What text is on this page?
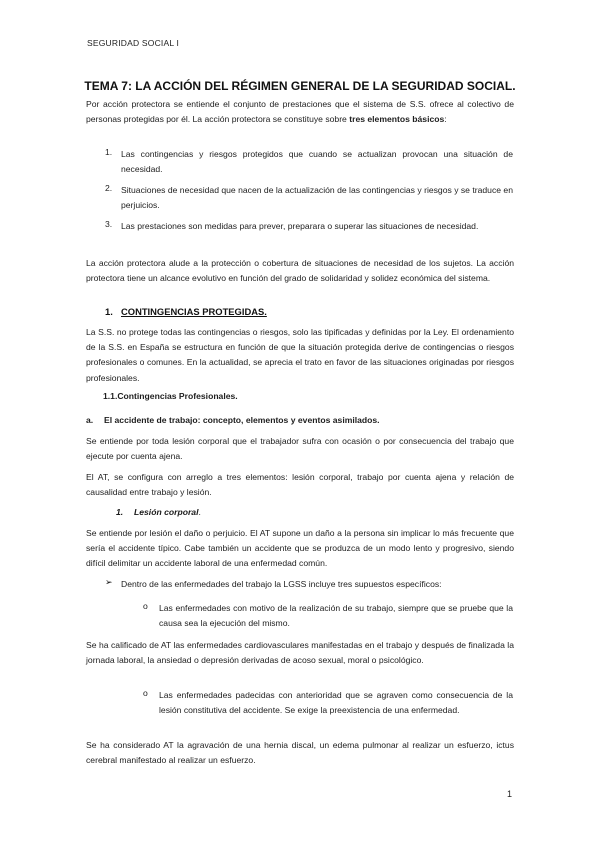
SEGURIDAD SOCIAL I
TEMA 7: LA ACCIÓN DEL RÉGIMEN GENERAL DE LA SEGURIDAD SOCIAL.
Por acción protectora se entiende el conjunto de prestaciones que el sistema de S.S. ofrece al colectivo de personas protegidas por él. La acción protectora se constituye sobre tres elementos básicos:
1. Las contingencias y riesgos protegidos que cuando se actualizan provocan una situación de necesidad.
2. Situaciones de necesidad que nacen de la actualización de las contingencias y riesgos y se traduce en perjuicios.
3. Las prestaciones son medidas para prever, preparara o superar las situaciones de necesidad.
La acción protectora alude a la protección o cobertura de situaciones de necesidad de los sujetos. La acción protectora tiene un alcance evolutivo en función del grado de solidaridad y solidez económica del sistema.
1. CONTINGENCIAS PROTEGIDAS.
La S.S. no protege todas las contingencias o riesgos, solo las tipificadas y definidas por la Ley. El ordenamiento de la S.S. en España se estructura en función de que la situación protegida derive de contingencias o riesgos profesionales o comunes. En la actualidad, se aprecia el trato en favor de las situaciones originadas por riesgos profesionales.
1.1.Contingencias Profesionales.
a. El accidente de trabajo: concepto, elementos y eventos asimilados.
Se entiende por toda lesión corporal que el trabajador sufra con ocasión o por consecuencia del trabajo que ejecute por cuenta ajena.
El AT, se configura con arreglo a tres elementos: lesión corporal, trabajo por cuenta ajena y relación de causalidad entre trabajo y lesión.
1. Lesión corporal.
Se entiende por lesión el daño o perjuicio. El AT supone un daño a la persona sin implicar lo más frecuente que sería el accidente típico. Cabe también un accidente que se produzca de un modo lento y progresivo, siendo difícil delimitar un accidente laboral de una enfermedad común.
➢ Dentro de las enfermedades del trabajo la LGSS incluye tres supuestos específicos:
o Las enfermedades con motivo de la realización de su trabajo, siempre que se pruebe que la causa sea la ejecución del mismo.
Se ha calificado de AT las enfermedades cardiovasculares manifestadas en el trabajo y después de finalizada la jornada laboral, la ansiedad o depresión derivadas de acoso sexual, moral o psicológico.
o Las enfermedades padecidas con anterioridad que se agraven como consecuencia de la lesión constitutiva del accidente. Se exige la preexistencia de una enfermedad.
Se ha considerado AT la agravación de una hernia discal, un edema pulmonar al realizar un esfuerzo, ictus cerebral manifestado al realizar un esfuerzo.
1
